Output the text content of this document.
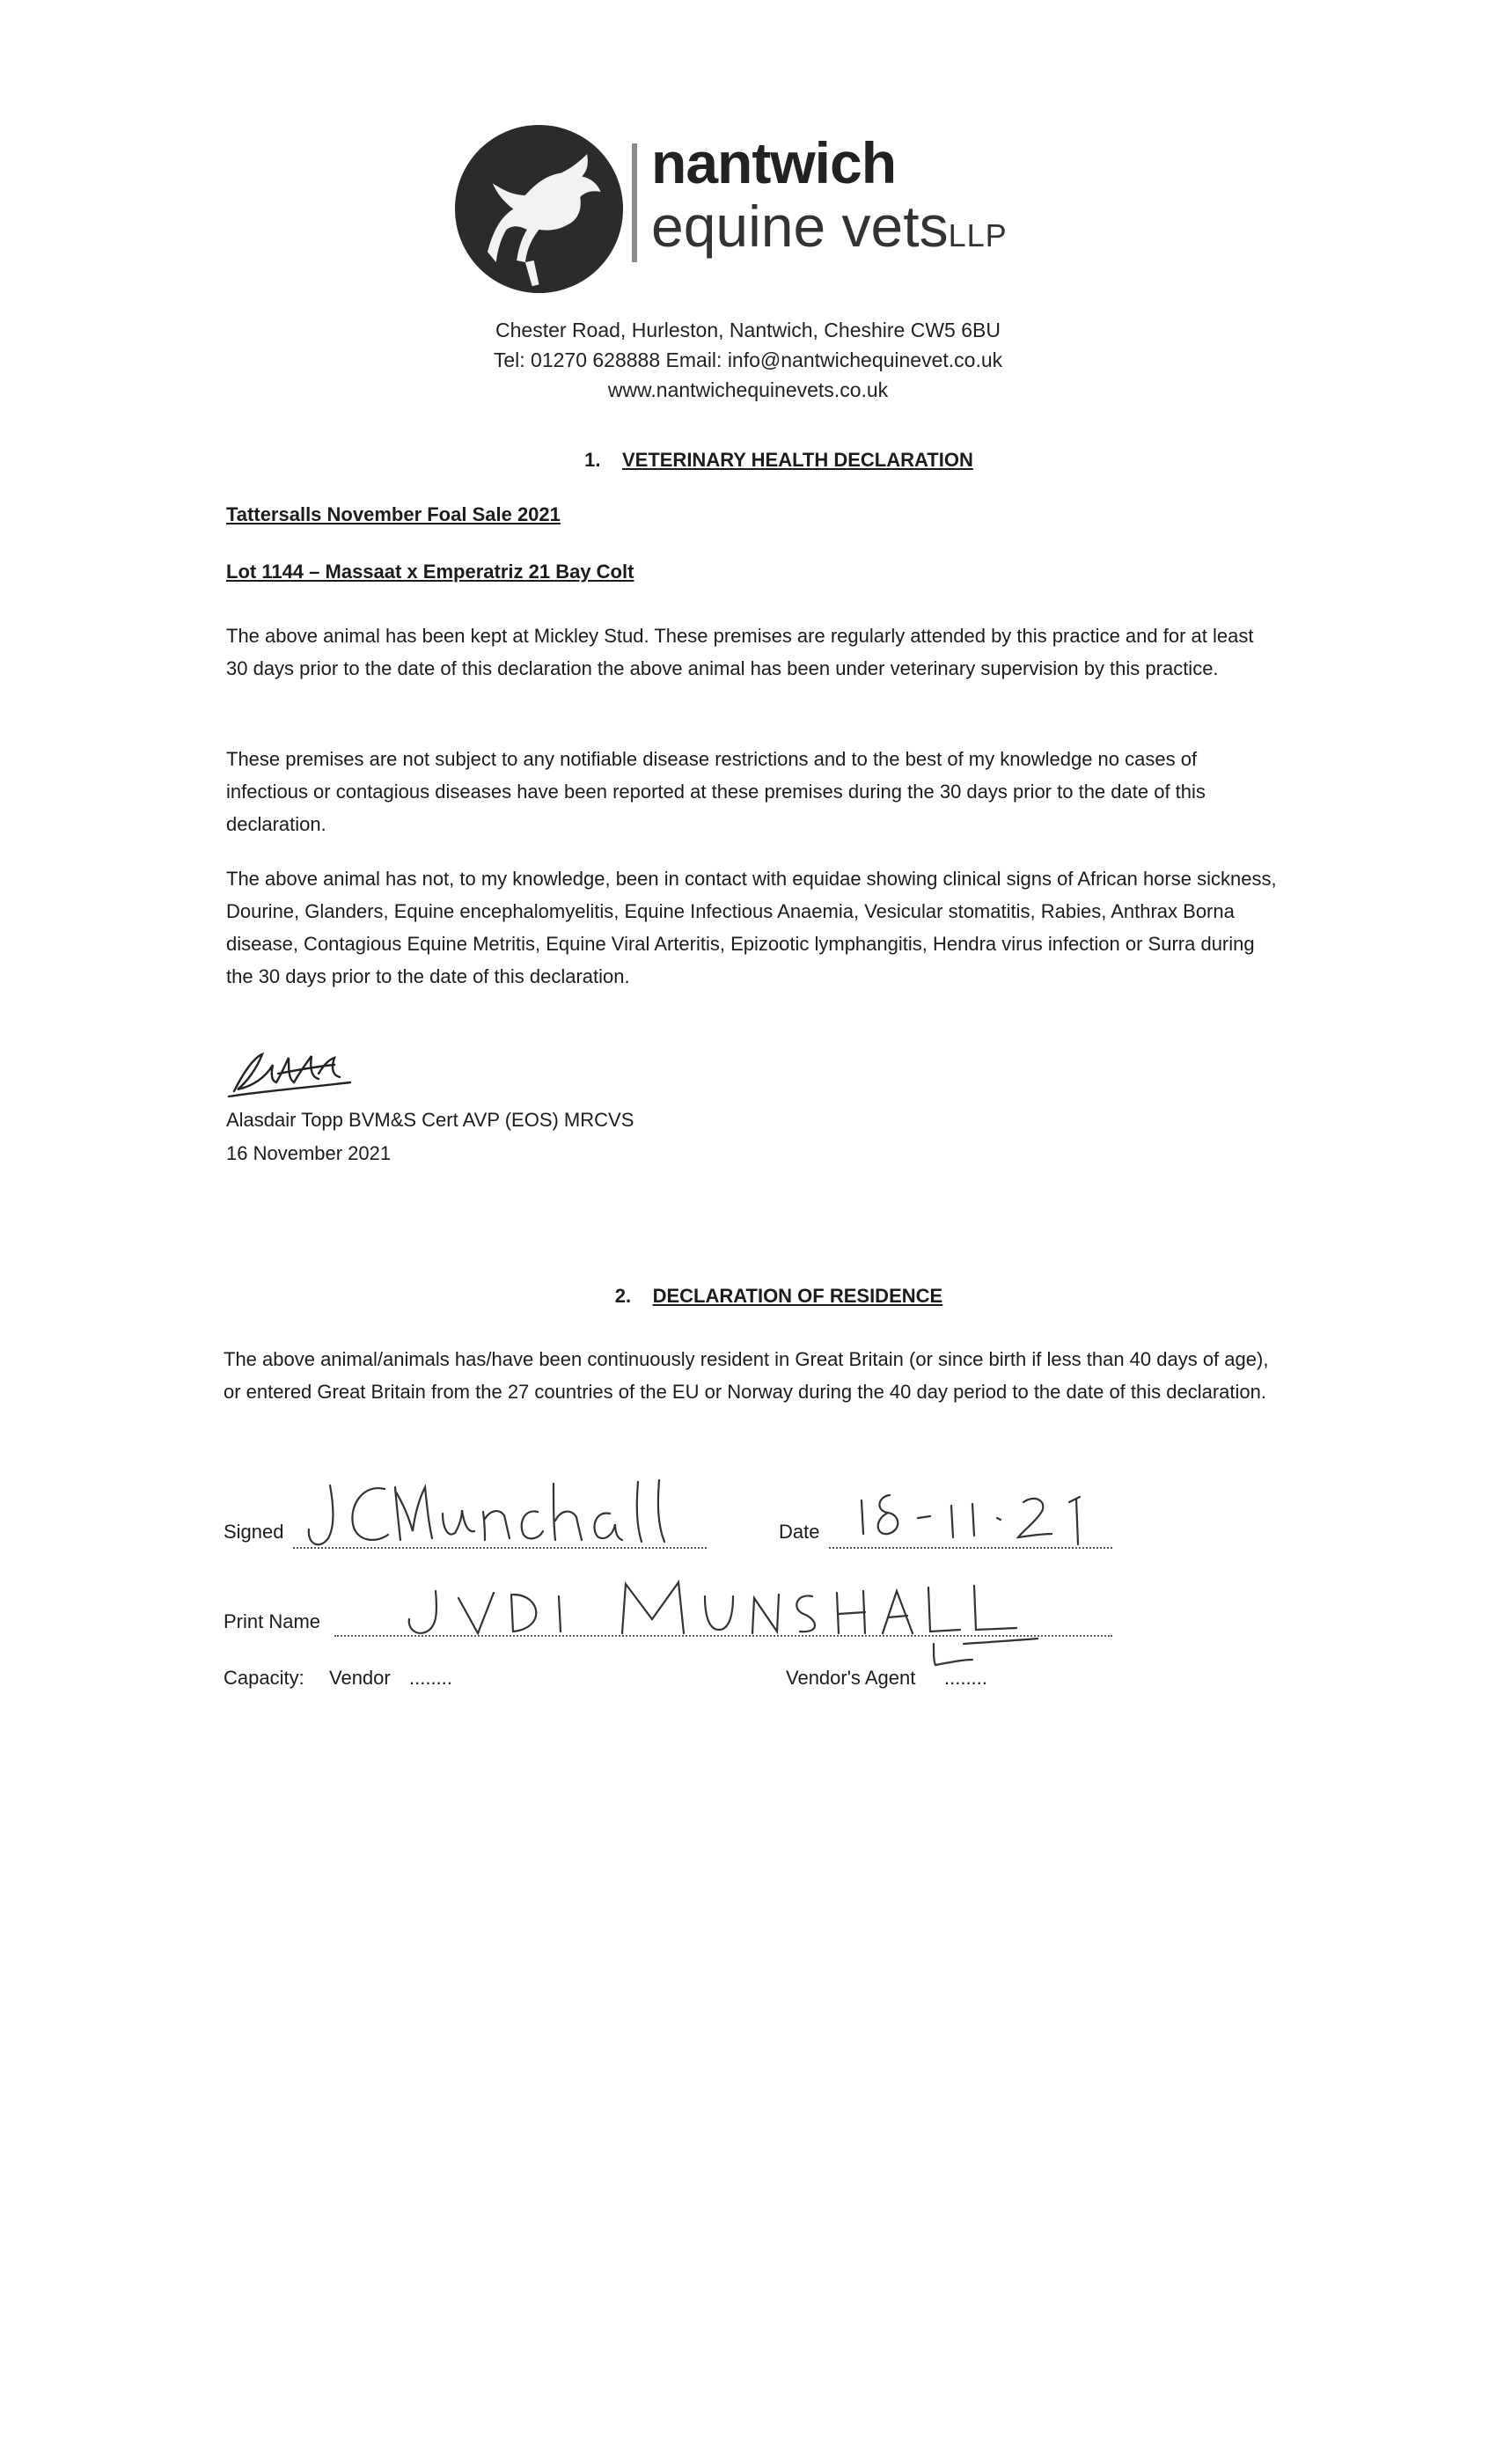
nantwich
equine vetsLLP
Chester Road, Hurleston, Nantwich, Cheshire CW5 6BU
Tel: 01270 628888 Email: info@nantwichequinevet.co.uk
www.nantwichequinevets.co.uk
1. VETERINARY HEALTH DECLARATION
Tattersalls November Foal Sale 2021
Lot 1144 – Massaat x Emperatriz 21 Bay Colt
The above animal has been kept at Mickley Stud. These premises are regularly attended by this practice and for at least 30 days prior to the date of this declaration the above animal has been under veterinary supervision by this practice.
These premises are not subject to any notifiable disease restrictions and to the best of my knowledge no cases of infectious or contagious diseases have been reported at these premises during the 30 days prior to the date of this declaration.
The above animal has not, to my knowledge, been in contact with equidae showing clinical signs of African horse sickness, Dourine, Glanders, Equine encephalomyelitis, Equine Infectious Anaemia, Vesicular stomatitis, Rabies, Anthrax Borna disease, Contagious Equine Metritis, Equine Viral Arteritis, Epizootic lymphangitis, Hendra virus infection or Surra during the 30 days prior to the date of this declaration.
Alasdair Topp BVM&S Cert AVP (EOS) MRCVS
16 November 2021
2. DECLARATION OF RESIDENCE
The above animal/animals has/have been continuously resident in Great Britain (or since birth if less than 40 days of age), or entered Great Britain from the 27 countries of the EU or Norway during the 40 day period to the date of this declaration.
Signed	Date
Print Name
Capacity: Vendor ........	Vendor's Agent ........
